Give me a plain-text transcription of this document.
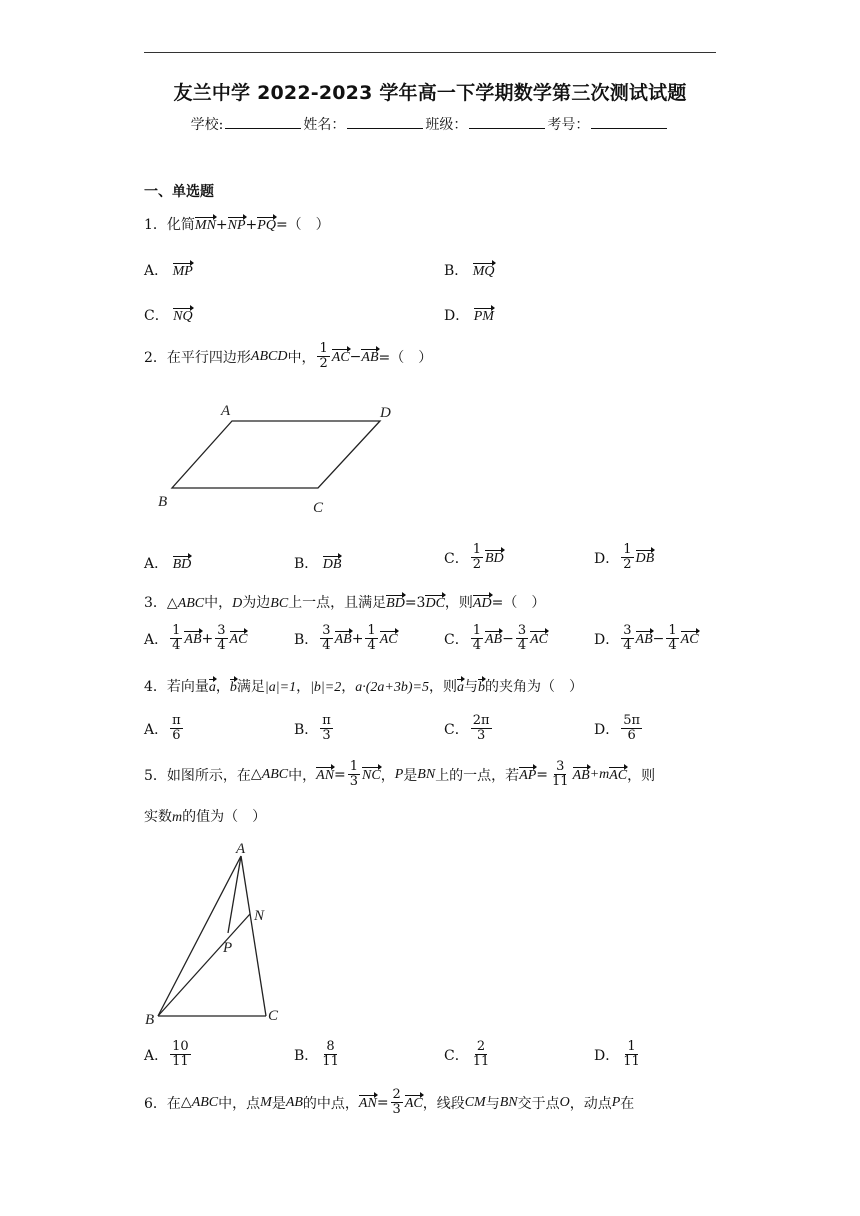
友兰中学 2022-2023 学年高一下学期数学第三次测试试题
学校:	姓名：	班级：	考号：
一、单选题
1．化简MN+NP+PQ=（　）
A． MP	B． MQ
C． NQ	D． PM
2． 在平行四边形 ABCD 中， $\frac{1}{2}$ AC − AB =（　）
A	D
B	C
A． BD	B． DB	C． $\frac{1}{2}$ BD	D． $\frac{1}{2}$ DB
3．△ABC中，D为边BC上一点，且满足BD=3DC，则AD=（　）
A． $\frac{1}{4}$ AB + $\frac{3}{4}$ AC	B． $\frac{3}{4}$ AB + $\frac{1}{4}$ AC	C． $\frac{1}{4}$ AB − $\frac{3}{4}$ AC	D． $\frac{3}{4}$ AB − $\frac{1}{4}$ AC
4．若向量a，b满足|a|=1，|b|=2，a·(2a+3b)=5，则a与b的夹角为（　）
A． $\frac{\pi}{6}$	B． $\frac{\pi}{3}$	C． $\frac{2\pi}{3}$	D． $\frac{5\pi}{6}$
5． 如图所示，在 △ABC 中， AN = $\frac{1}{3}$ NC ， P 是 BN 上的一点，若 AP = $\frac{3}{11}$ AB +m AC ，则
实数m的值为（　）
A
N
P
B	C
A． $\frac{10}{11}$	B． $\frac{8}{11}$	C． $\frac{2}{11}$	D． $\frac{1}{11}$
6． 在 △ABC 中，点 M 是 AB 的中点， AN = $\frac{2}{3}$ AC ，线段 CM 与 BN 交于点 O ，动点 P 在
